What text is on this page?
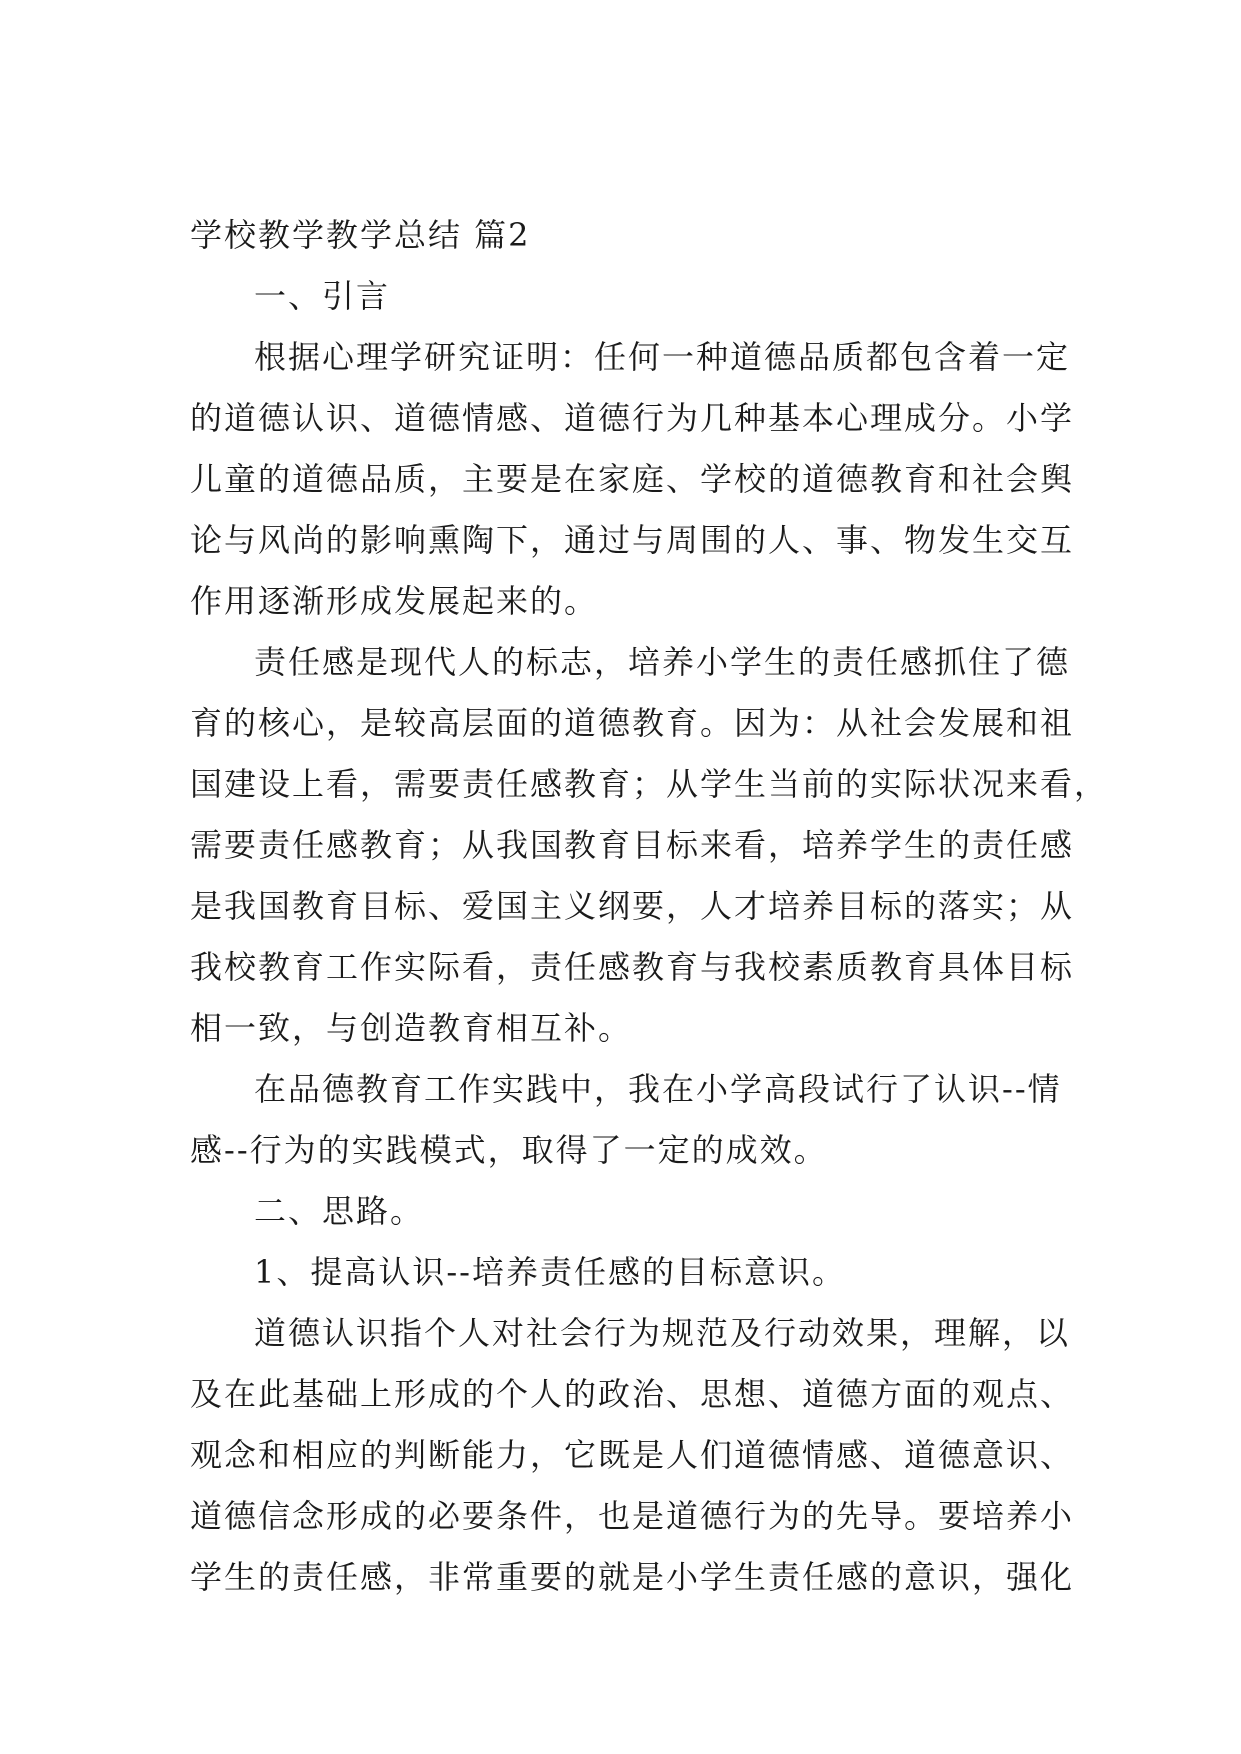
学校教学教学总结 篇2
一、引言
根据心理学研究证明：任何一种道德品质都包含着一定
的道德认识、道德情感、道德行为几种基本心理成分。小学
儿童的道德品质，主要是在家庭、学校的道德教育和社会舆
论与风尚的影响熏陶下，通过与周围的人、事、物发生交互
作用逐渐形成发展起来的。
责任感是现代人的标志，培养小学生的责任感抓住了德
育的核心，是较高层面的道德教育。因为：从社会发展和祖
国建设上看，需要责任感教育；从学生当前的实际状况来看，
需要责任感教育；从我国教育目标来看，培养学生的责任感
是我国教育目标、爱国主义纲要，人才培养目标的落实；从
我校教育工作实际看，责任感教育与我校素质教育具体目标
相一致，与创造教育相互补。
在品德教育工作实践中，我在小学高段试行了认识--情
感--行为的实践模式，取得了一定的成效。
二、思路。
1、提高认识--培养责任感的目标意识。
道德认识指个人对社会行为规范及行动效果，理解，以
及在此基础上形成的个人的政治、思想、道德方面的观点、
观念和相应的判断能力，它既是人们道德情感、道德意识、
道德信念形成的必要条件，也是道德行为的先导。要培养小
学生的责任感，非常重要的就是小学生责任感的意识，强化
